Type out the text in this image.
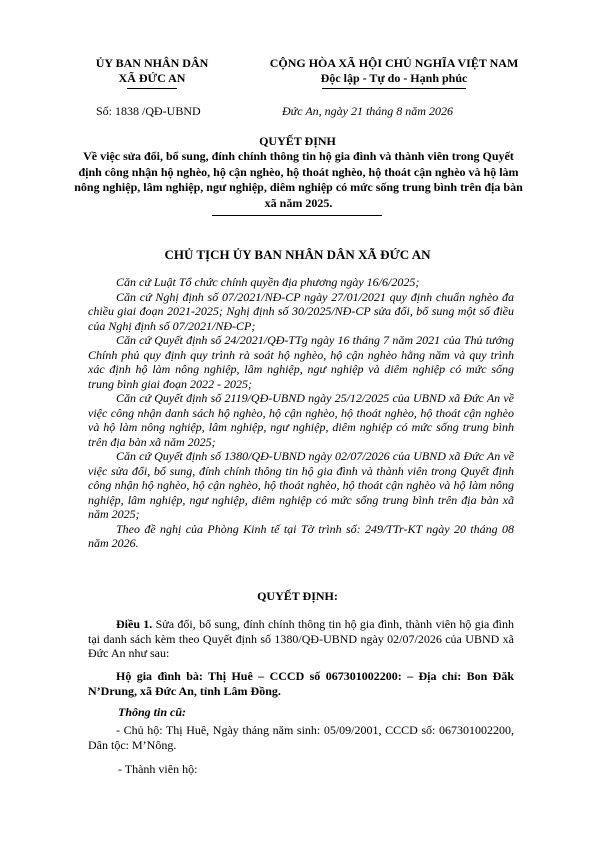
ỦY BAN NHÂN DÂN
XÃ ĐỨC AN
CỘNG HÒA XÃ HỘI CHỦ NGHĨA VIỆT NAM
Độc lập - Tự do - Hạnh phúc
Số: 1838 /QĐ-UBND	Đức An, ngày 21 tháng 8 năm 2026
QUYẾT ĐỊNH
Về việc sửa đổi, bổ sung, đính chính thông tin hộ gia đình và thành viên trong Quyết định công nhận hộ nghèo, hộ cận nghèo, hộ thoát nghèo, hộ thoát cận nghèo và hộ làm nông nghiệp, lâm nghiệp, ngư nghiệp, diêm nghiệp có mức sống trung bình trên địa bàn xã năm 2025.
CHỦ TỊCH ỦY BAN NHÂN DÂN XÃ ĐỨC AN
Căn cứ Luật Tổ chức chính quyền địa phương ngày 16/6/2025;
Căn cứ Nghị định số 07/2021/NĐ-CP ngày 27/01/2021 quy định chuẩn nghèo đa chiều giai đoạn 2021-2025; Nghị định số 30/2025/NĐ-CP sửa đổi, bổ sung một số điều của Nghị định số 07/2021/NĐ-CP;
Căn cứ Quyết định số 24/2021/QĐ-TTg ngày 16 tháng 7 năm 2021 của Thủ tướng Chính phủ quy định quy trình rà soát hộ nghèo, hộ cận nghèo hằng năm và quy trình xác định hộ làm nông nghiệp, lâm nghiệp, ngư nghiệp và diêm nghiệp có mức sống trung bình giai đoạn 2022 - 2025;
Căn cứ Quyết định số 2119/QĐ-UBND ngày 25/12/2025 của UBND xã Đức An về việc công nhận danh sách hộ nghèo, hộ cận nghèo, hộ thoát nghèo, hộ thoát cận nghèo và hộ làm nông nghiệp, lâm nghiệp, ngư nghiệp, diêm nghiệp có mức sống trung bình trên địa bàn xã năm 2025;
Căn cứ Quyết định số 1380/QĐ-UBND ngày 02/07/2026 của UBND xã Đức An về việc sửa đổi, bổ sung, đính chính thông tin hộ gia đình và thành viên trong Quyết định công nhận hộ nghèo, hộ cận nghèo, hộ thoát nghèo, hộ thoát cận nghèo và hộ làm nông nghiệp, lâm nghiệp, ngư nghiệp, diêm nghiệp có mức sống trung bình trên địa bàn xã năm 2025;
Theo đề nghị của Phòng Kinh tế tại Tờ trình số: 249/TTr-KT ngày 20 tháng 08 năm 2026.
QUYẾT ĐỊNH:
Điều 1. Sửa đổi, bổ sung, đính chính thông tin hộ gia đình, thành viên hộ gia đình tại danh sách kèm theo Quyết định số 1380/QĐ-UBND ngày 02/07/2026 của UBND xã Đức An như sau:
Hộ gia đình bà: Thị Huê – CCCD số 067301002200: – Địa chỉ: Bon Đăk N’Drung, xã Đức An, tỉnh Lâm Đồng.
Thông tin cũ:
- Chủ hộ: Thị Huê, Ngày tháng năm sinh: 05/09/2001, CCCD số: 067301002200, Dân tộc: M’Nông.
- Thành viên hộ:
